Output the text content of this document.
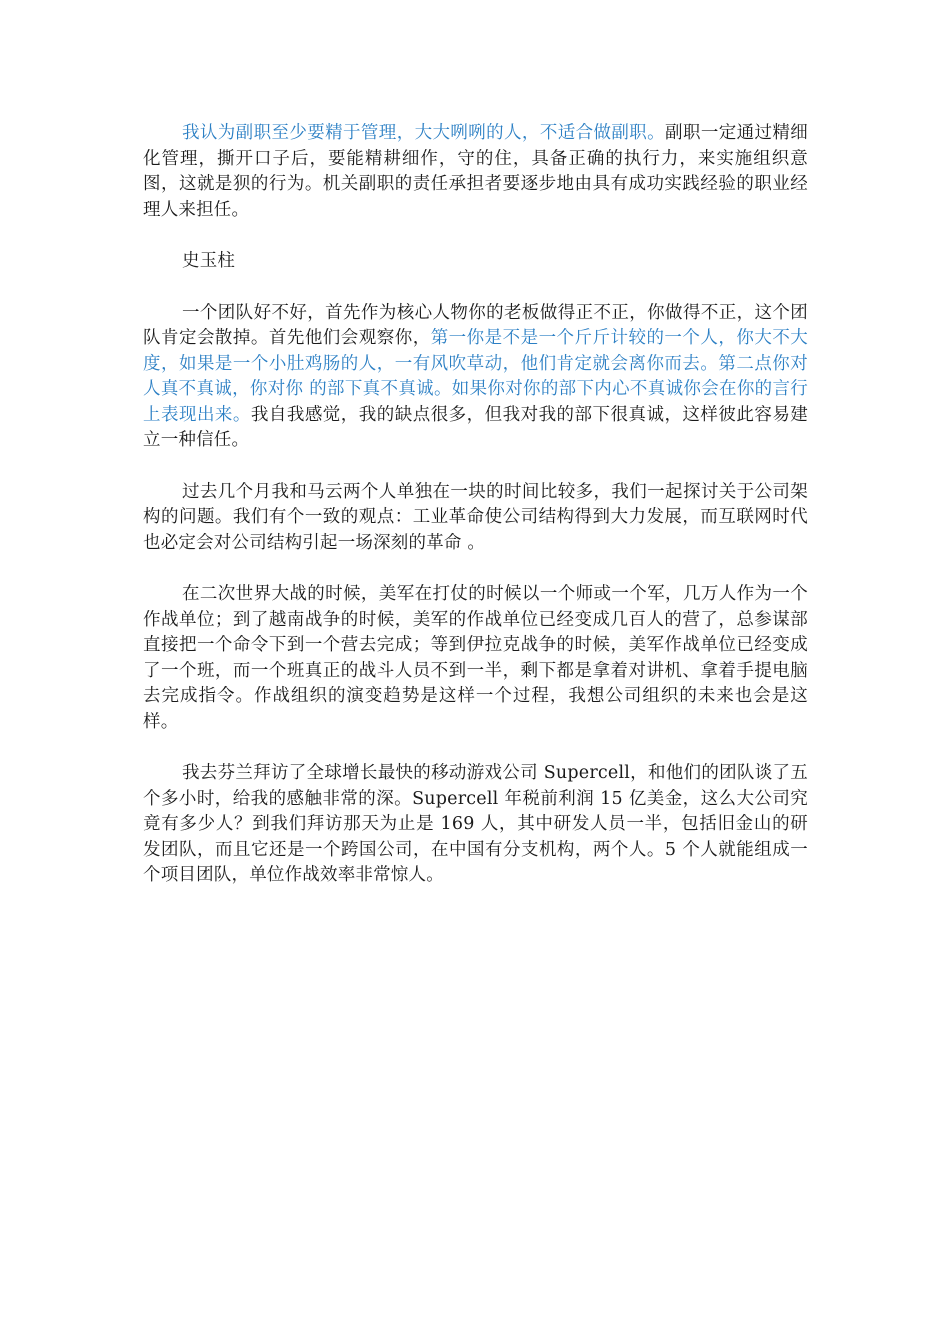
我认为副职至少要精于管理，大大咧咧的人，不适合做副职。副职一定通过精细化管理，撕开口子后，要能精耕细作，守的住，具备正确的执行力，来实施组织意图，这就是狈的行为。机关副职的责任承担者要逐步地由具有成功实践经验的职业经理人来担任。

史玉柱

一个团队好不好，首先作为核心人物你的老板做得正不正，你做得不正，这个团队肯定会散掉。首先他们会观察你，第一你是不是一个斤斤计较的一个人，你大不大度，如果是一个小肚鸡肠的人，一有风吹草动，他们肯定就会离你而去。第二点你对人真不真诚，你对你 的部下真不真诚。如果你对你的部下内心不真诚你会在你的言行上表现出来。我自我感觉，我的缺点很多，但我对我的部下很真诚，这样彼此容易建立一种信任。

过去几个月我和马云两个人单独在一块的时间比较多，我们一起探讨关于公司架构的问题。我们有个一致的观点：工业革命使公司结构得到大力发展，而互联网时代也必定会对公司结构引起一场深刻的革命 。

在二次世界大战的时候，美军在打仗的时候以一个师或一个军，几万人作为一个作战单位；到了越南战争的时候，美军的作战单位已经变成几百人的营了，总参谋部直接把一个命令下到一个营去完成；等到伊拉克战争的时候，美军作战单位已经变成了一个班，而一个班真正的战斗人员不到一半，剩下都是拿着对讲机、拿着手提电脑去完成指令。作战组织的演变趋势是这样一个过程，我想公司组织的未来也会是这样。

我去芬兰拜访了全球增长最快的移动游戏公司 Supercell，和他们的团队谈了五个多小时，给我的感触非常的深。Supercell 年税前利润 15 亿美金，这么大公司究竟有多少人？到我们拜访那天为止是 169 人，其中研发人员一半，包括旧金山的研发团队，而且它还是一个跨国公司，在中国有分支机构，两个人。5 个人就能组成一个项目团队，单位作战效率非常惊人。
